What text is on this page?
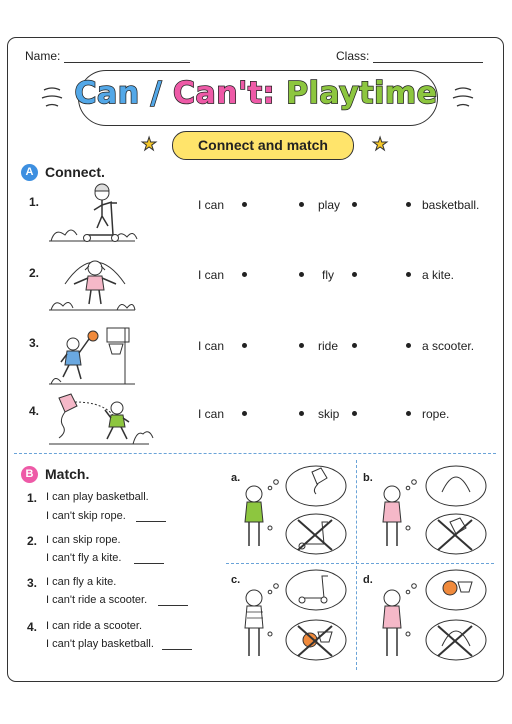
Name:	Class:
Can / Can't: Playtime
★	★
Connect and match
A Connect.
1.	I can	play	basketball.
2.	I can	fly	a kite.
3.	I can	ride	a scooter.
4.	I can	skip	rope.
B Match.
1. I can play basketball.
I can't skip rope.
2. I can skip rope.
I can't fly a kite.
3. I can fly a kite.
I can't ride a scooter.
4. I can ride a scooter.
I can't play basketball.
a.	b.
c.	d.
